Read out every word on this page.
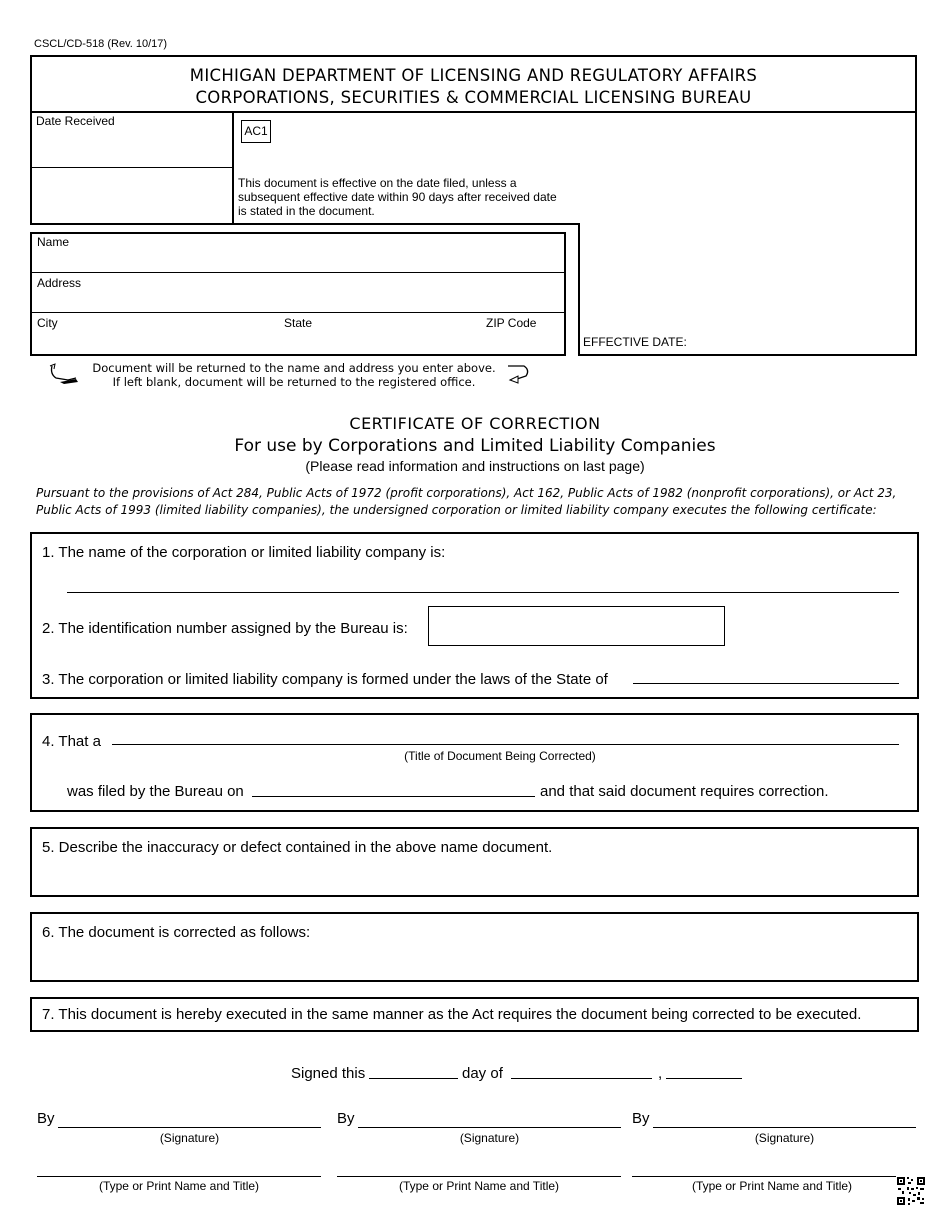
CSCL/CD-518 (Rev. 10/17)
MICHIGAN DEPARTMENT OF LICENSING AND REGULATORY AFFAIRS
CORPORATIONS, SECURITIES & COMMERCIAL LICENSING BUREAU
Date Received
AC1
This document is effective on the date filed, unless a subsequent effective date within 90 days after received date is stated in the document.
EFFECTIVE DATE:
Name
Address
City	State	ZIP Code
Document will be returned to the name and address you enter above.
If left blank, document will be returned to the registered office.
CERTIFICATE OF CORRECTION
For use by Corporations and Limited Liability Companies
(Please read information and instructions on last page)
Pursuant to the provisions of Act 284, Public Acts of 1972 (profit corporations), Act 162, Public Acts of 1982 (nonprofit corporations), or Act 23, Public Acts of 1993 (limited liability companies), the undersigned corporation or limited liability company executes the following certificate:
1. The name of the corporation or limited liability company is:
2. The identification number assigned by the Bureau is:
3. The corporation or limited liability company is formed under the laws of the State of
4. That a
(Title of Document Being Corrected)
was filed by the Bureau on	and that said document requires correction.
5. Describe the inaccuracy or defect contained in the above name document.
6. The document is corrected as follows:
7. This document is hereby executed in the same manner as the Act requires the document being corrected to be executed.
Signed this	day of	,
By
(Signature)
(Type or Print Name and Title)
By
(Signature)
(Type or Print Name and Title)
By
(Signature)
(Type or Print Name and Title)
